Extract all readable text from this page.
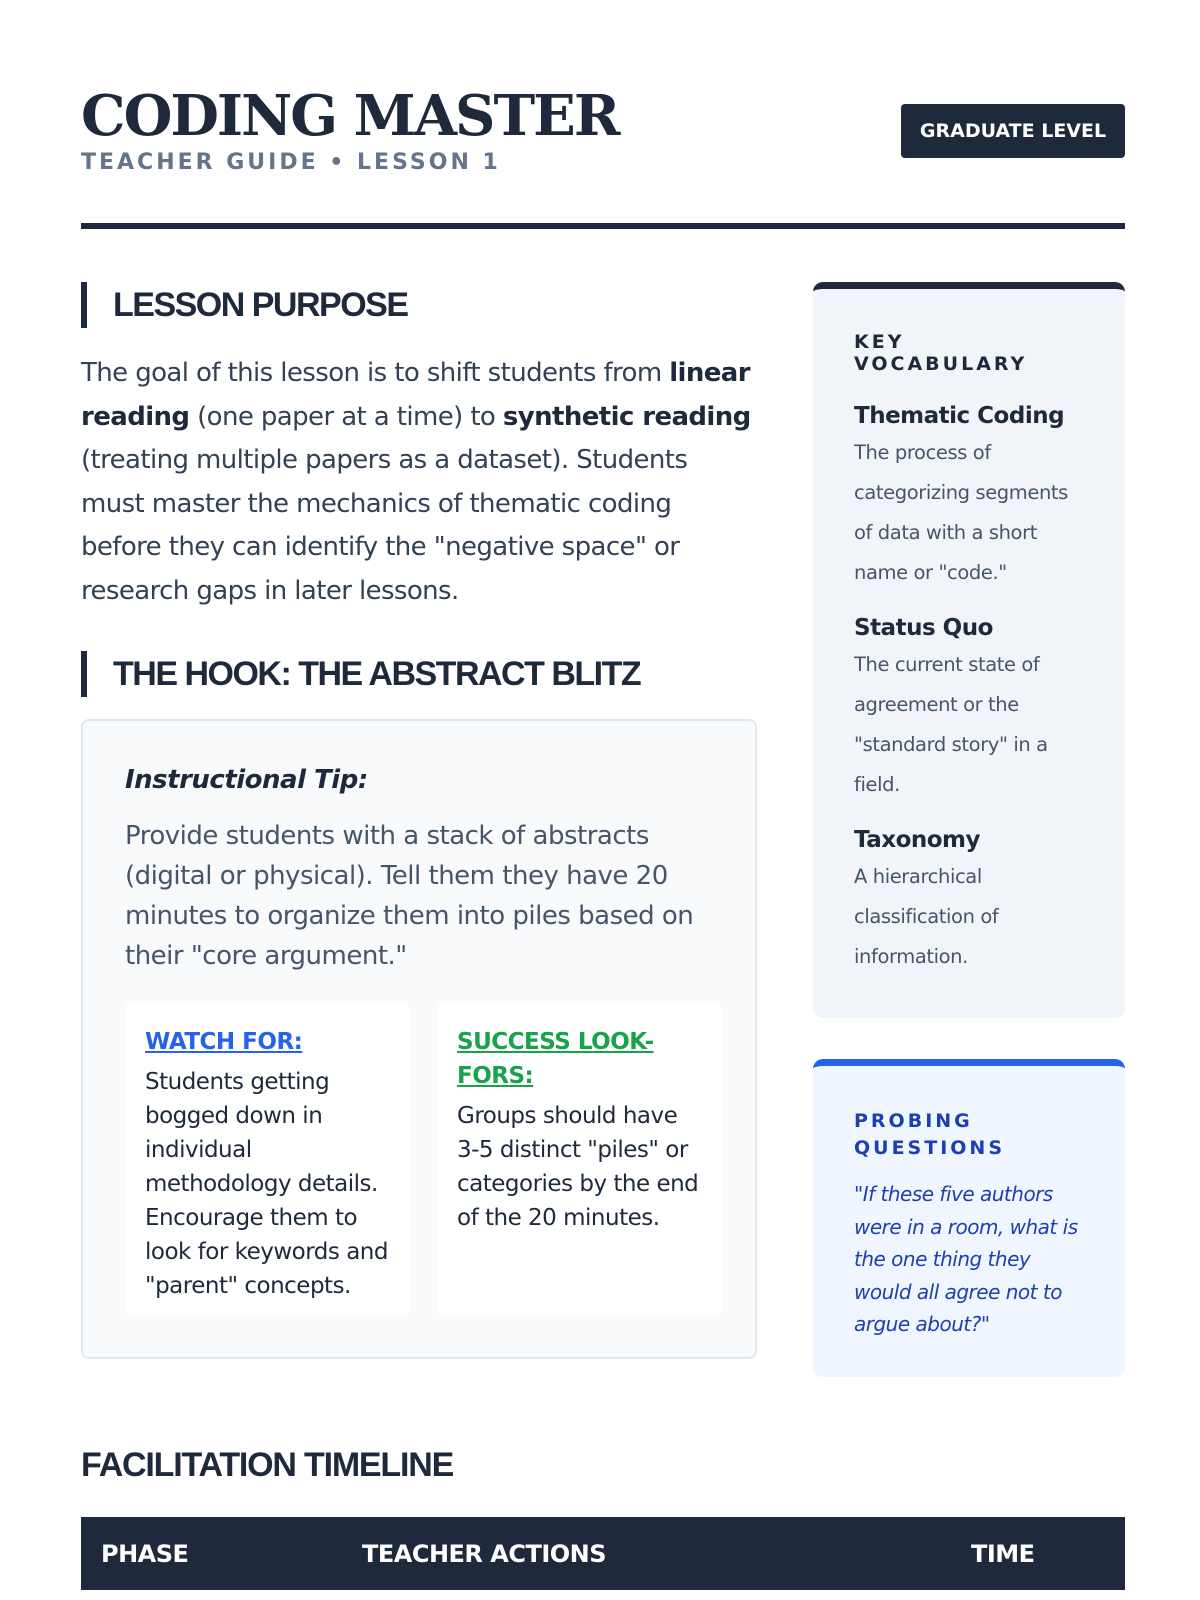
CODING MASTER
TEACHER GUIDE • LESSON 1
GRADUATE LEVEL
LESSON PURPOSE

The goal of this lesson is to shift students from linear reading (one paper at a time) to synthetic reading (treating multiple papers as a dataset). Students must master the mechanics of thematic coding before they can identify the "negative space" or research gaps in later lessons.

THE HOOK: THE ABSTRACT BLITZ
Instructional Tip:
Provide students with a stack of abstracts (digital or physical). Tell them they have 20 minutes to organize them into piles based on their "core argument."
WATCH FOR:
Students getting bogged down in individual methodology details. Encourage them to look for keywords and "parent" concepts.
SUCCESS LOOK-FORS:
Groups should have 3-5 distinct "piles" or categories by the end of the 20 minutes.
KEY VOCABULARY
Thematic Coding
The process of categorizing segments of data with a short name or "code."
Status Quo
The current state of agreement or the "standard story" in a field.
Taxonomy
A hierarchical classification of information.
PROBING QUESTIONS
"If these five authors were in a room, what is the one thing they would all agree not to argue about?"
FACILITATION TIMELINE
PHASE	TEACHER ACTIONS	TIME
